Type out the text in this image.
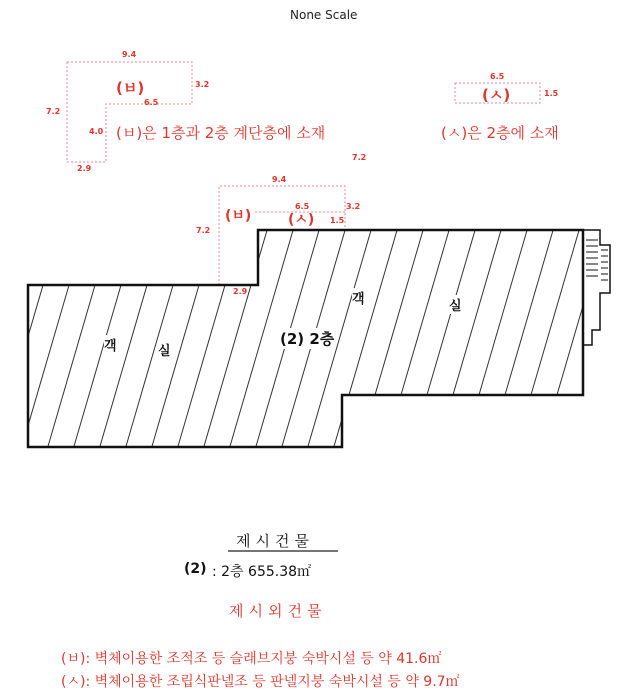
None Scale
9.4
3.2
6.5
7.2
4.0
2.9
7.2
(ㅂ)
(ㅂ)은 1층과 2층 계단층에 소재
6.5
1.5
(ㅅ)
(ㅅ)은 2층에 소재
9.4
6.5	3.2
1.5
7.2
2.9
(ㅂ)	(ㅅ)
객	실
객	실
(2) 2층
제시건물
(2) : 2층 655.38㎡
제시외건물
(ㅂ): 벽체이용한 조적조 등 슬래브지붕 숙박시설 등 약 41.6㎡
(ㅅ): 벽체이용한 조립식판넬조 등 판넬지붕 숙박시설 등 약 9.7㎡
